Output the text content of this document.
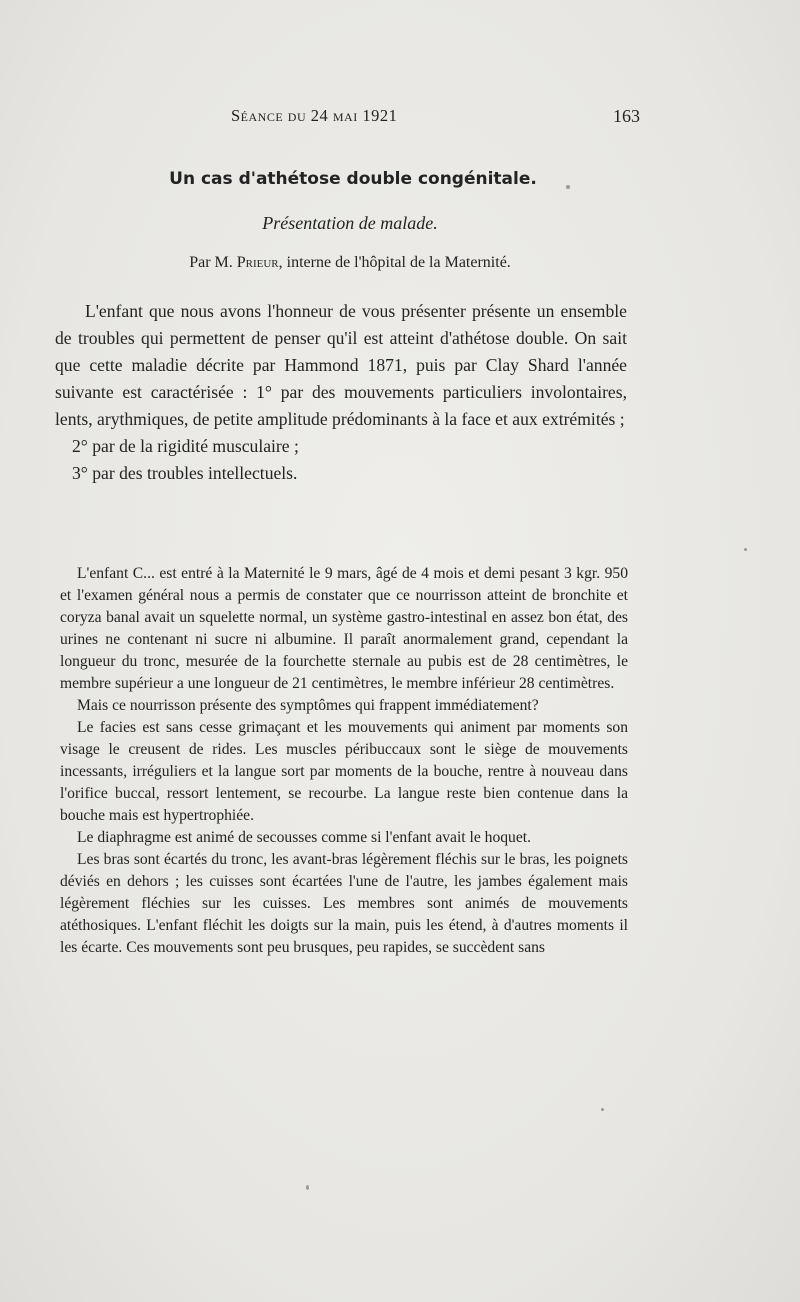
Séance du 24 mai 1921	163
Un cas d'athétose double congénitale.
Présentation de malade.
Par M. Prieur, interne de l'hôpital de la Maternité.

L'enfant que nous avons l'honneur de vous présenter présente un ensemble de troubles qui permettent de penser qu'il est atteint d'athétose double. On sait que cette maladie décrite par Hammond 1871, puis par Clay Shard l'année suivante est caractérisée : 1° par des mouvements particuliers involontaires, lents, arythmiques, de petite amplitude prédominants à la face et aux extrémités ;

2° par de la rigidité musculaire ;

3° par des troubles intellectuels.

L'enfant C... est entré à la Maternité le 9 mars, âgé de 4 mois et demi pesant 3 kgr. 950 et l'examen général nous a permis de constater que ce nourrisson atteint de bronchite et coryza banal avait un squelette normal, un système gastro-intestinal en assez bon état, des urines ne contenant ni sucre ni albumine. Il paraît anormalement grand, cependant la longueur du tronc, mesurée de la fourchette sternale au pubis est de 28 centimètres, le membre supérieur a une longueur de 21 centimètres, le membre inférieur 28 centimètres.

Mais ce nourrisson présente des symptômes qui frappent immédiatement?

Le facies est sans cesse grimaçant et les mouvements qui animent par moments son visage le creusent de rides. Les muscles péribuccaux sont le siège de mouvements incessants, irréguliers et la langue sort par moments de la bouche, rentre à nouveau dans l'orifice buccal, ressort lentement, se recourbe. La langue reste bien contenue dans la bouche mais est hypertrophiée.

Le diaphragme est animé de secousses comme si l'enfant avait le hoquet.

Les bras sont écartés du tronc, les avant-bras légèrement fléchis sur le bras, les poignets déviés en dehors ; les cuisses sont écartées l'une de l'autre, les jambes également mais légèrement fléchies sur les cuisses. Les membres sont animés de mouvements atéthosiques. L'enfant fléchit les doigts sur la main, puis les étend, à d'autres moments il les écarte. Ces mouvements sont peu brusques, peu rapides, se succèdent sans
